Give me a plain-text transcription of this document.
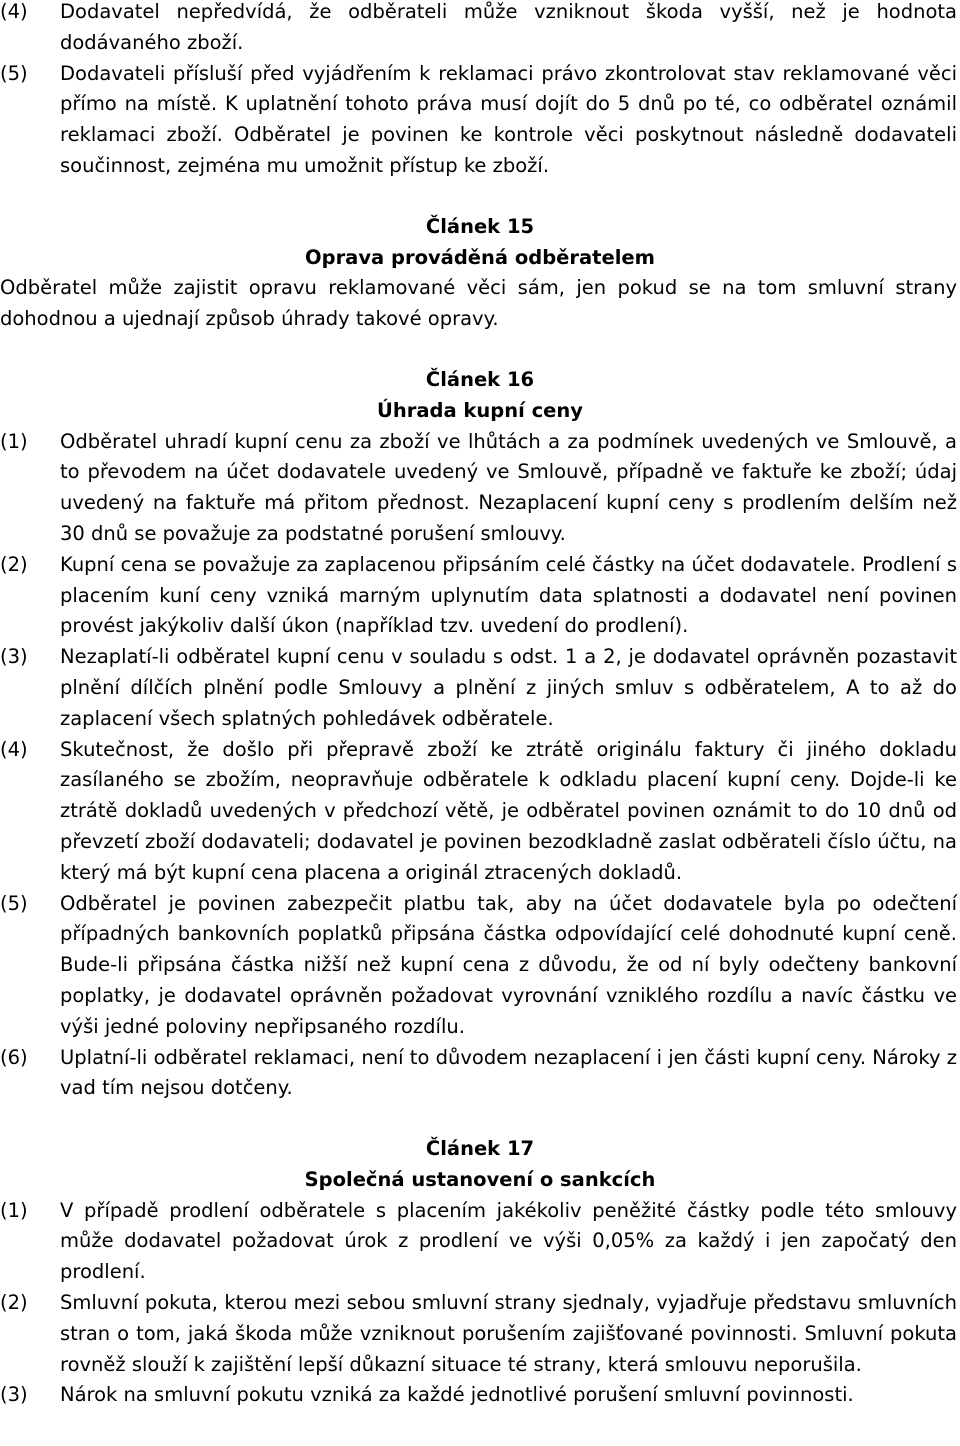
(4)	Dodavatel nepředvídá, že odběrateli může vzniknout škoda vyšší, než je hodnota dodávaného zboží.
(5)	Dodavateli přísluší před vyjádřením k reklamaci právo zkontrolovat stav reklamované věci přímo na místě. K uplatnění tohoto práva musí dojít do 5 dnů po té, co odběratel oznámil reklamaci zboží. Odběratel je povinen ke kontrole věci poskytnout následně dodavateli součinnost, zejména mu umožnit přístup ke zboží.
Článek 15
Oprava prováděná odběratelem
Odběratel může zajistit opravu reklamované věci sám, jen pokud se na tom smluvní strany dohodnou a ujednají způsob úhrady takové opravy.
Článek 16
Úhrada kupní ceny
(1)	Odběratel uhradí kupní cenu za zboží ve lhůtách a za podmínek uvedených ve Smlouvě, a to převodem na účet dodavatele uvedený ve Smlouvě, případně ve faktuře ke zboží; údaj uvedený na faktuře má přitom přednost. Nezaplacení kupní ceny s prodlením delším než 30 dnů se považuje za podstatné porušení smlouvy.
(2)	Kupní cena se považuje za zaplacenou připsáním celé částky na účet dodavatele. Prodlení s placením kuní ceny vzniká marným uplynutím data splatnosti a dodavatel není povinen provést jakýkoliv další úkon (například tzv. uvedení do prodlení).
(3)	Nezaplatí-li odběratel kupní cenu v souladu s odst. 1 a 2, je dodavatel oprávněn pozastavit plnění dílčích plnění podle Smlouvy a plnění z jiných smluv s odběratelem, A to až do zaplacení všech splatných pohledávek odběratele.
(4)	Skutečnost, že došlo při přepravě zboží ke ztrátě originálu faktury či jiného dokladu zasílaného se zbožím, neopravňuje odběratele k odkladu placení kupní ceny. Dojde-li ke ztrátě dokladů uvedených v předchozí větě, je odběratel povinen oznámit to do 10 dnů od převzetí zboží dodavateli; dodavatel je povinen bezodkladně zaslat odběrateli číslo účtu, na který má být kupní cena placena a originál ztracených dokladů.
(5)	Odběratel je povinen zabezpečit platbu tak, aby na účet dodavatele byla po odečtení případných bankovních poplatků připsána částka odpovídající celé dohodnuté kupní ceně. Bude-li připsána částka nižší než kupní cena z důvodu, že od ní byly odečteny bankovní poplatky, je dodavatel oprávněn požadovat vyrovnání vzniklého rozdílu a navíc částku ve výši jedné poloviny nepřipsaného rozdílu.
(6)	Uplatní-li odběratel reklamaci, není to důvodem nezaplacení i jen části kupní ceny. Nároky z vad tím nejsou dotčeny.
Článek 17
Společná ustanovení o sankcích
(1)	V případě prodlení odběratele s placením jakékoliv peněžité částky podle této smlouvy může dodavatel požadovat úrok z prodlení ve výši 0,05% za každý i jen započatý den prodlení.
(2)	Smluvní pokuta, kterou mezi sebou smluvní strany sjednaly, vyjadřuje představu smluvních stran o tom, jaká škoda může vzniknout porušením zajišťované povinnosti. Smluvní pokuta rovněž slouží k zajištění lepší důkazní situace té strany, která smlouvu neporušila.
(3)	Nárok na smluvní pokutu vzniká za každé jednotlivé porušení smluvní povinnosti.
